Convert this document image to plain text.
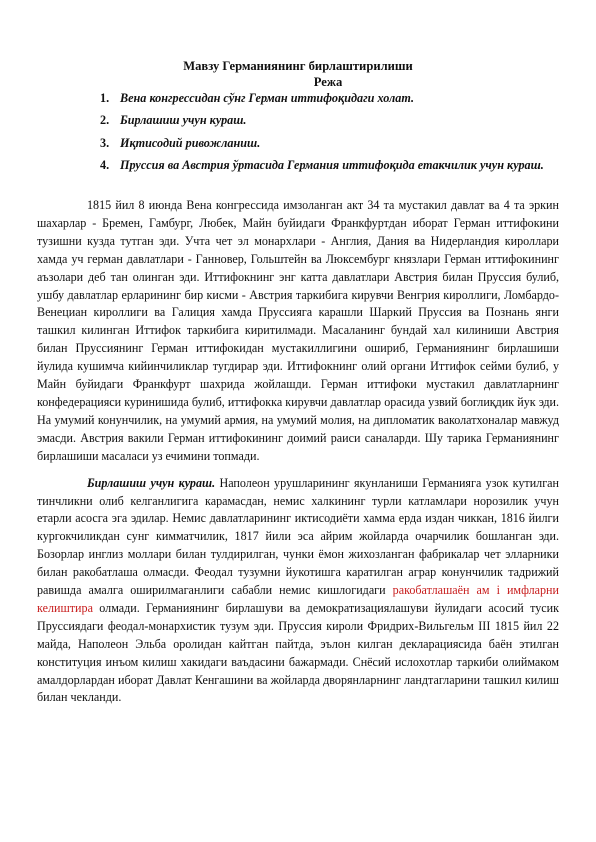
Мавзу Германиянинг бирлаштирилиши
Режа
1. Вена конгрессидан сўнг Герман иттифоқидаги холат.
2. Бирлашиш учун кураш.
3. Иқтисодий ривожланиш.
4. Пруссия ва Австрия ўртасида Германия иттифоқида етакчилик учун кураш.

1815 йил 8 июнда Вена конгрессида имзоланган акт 34 та мустакил давлат ва 4 та эркин шахарлар - Бремен, Гамбург, Любек, Майн буйидаги Франкфуртдан иборат Герман иттифокини тузишни кузда тутган эди. Учта чет эл монархлари - Англия, Дания ва Нидерландия кироллари хамда уч герман давлатлари - Ганновер, Гольштейн ва Люксембург князлари Герман иттифокининг аъзолари деб тан олинган эди. Иттифокнинг энг катта давлатлари Австрия билан Пруссия булиб, ушбу давлатлар ерларининг бир кисми - Австрия таркибига кирувчи Венгрия кироллиги, Ломбардо-Венециан кироллиги ва Галиция хамда Пруссияга карашли Шаркий Пруссия ва Познань янги ташкил килинган Иттифок таркибига киритилмади. Масаланинг бундай хал килиниши Австрия билан Пруссиянинг Герман иттифокидан мустакиллигини ошириб, Германиянинг бирлашиши йулида кушимча кийинчиликлар тугдирар эди. Иттифокнинг олий органи Иттифок сейми булиб, у Майн буйидаги Франкфурт шахрида жойлашди. Герман иттифоки мустакил давлатларнинг конфедерацияси куринишида булиб, иттифокка кирувчи давлатлар орасида узвий боглиқдик йук эди. На умумий конунчилик, на умумий армия, на умумий молия, на дипломатик ваколатхоналар мавжуд эмасди. Австрия вакили Герман иттифокининг доимий раиси саналарди. Шу тарика Германиянинг бирлашиши масаласи уз ечимини топмади.

Бирлашиш учун кураш. Наполеон урушларининг якунланиши Германияга узок кутилган тинчликни олиб келганлигига карамасдан, немис халкининг турли катламлари норозилик учун етарли асосга эга эдилар. Немис давлатларининг иктисодиёти хамма ерда издан чиккан, 1816 йилги кургокчиликдан сунг кимматчилик, 1817 йили эса айрим жойларда очарчилик бошланган эди. Бозорлар инглиз моллари билан тулдирилган, чунки ёмон жихозланган фабрикалар чет элларники билан ракобатлаша олмасди. Феодал тузумни йукотишга каратилган аграр конунчилик тадрижий равишда амалга оширилмаганлиги сабабли немис кишлогидаги ракобатлашаён ам і имфларни келиштира олмади. Германиянинг бирлашуви ва демократизациялашуви йулидаги асосий тусик Пруссиядаги феодал-монархистик тузум эди. Пруссия кироли Фридрих-Вильгельм III 1815 йил 22 майда, Наполеон Эльба оролидан кайтган пайтда, эълон килган декларациясида баён этилган конституция инъом килиш хакидаги ваъдасини бажармади. Снёсий ислохотлар таркиби олиймаком амалдорлардан иборат Давлат Кенгашини ва жойларда дворянларнинг ландтагларини ташкил килиш билан чекланди.
